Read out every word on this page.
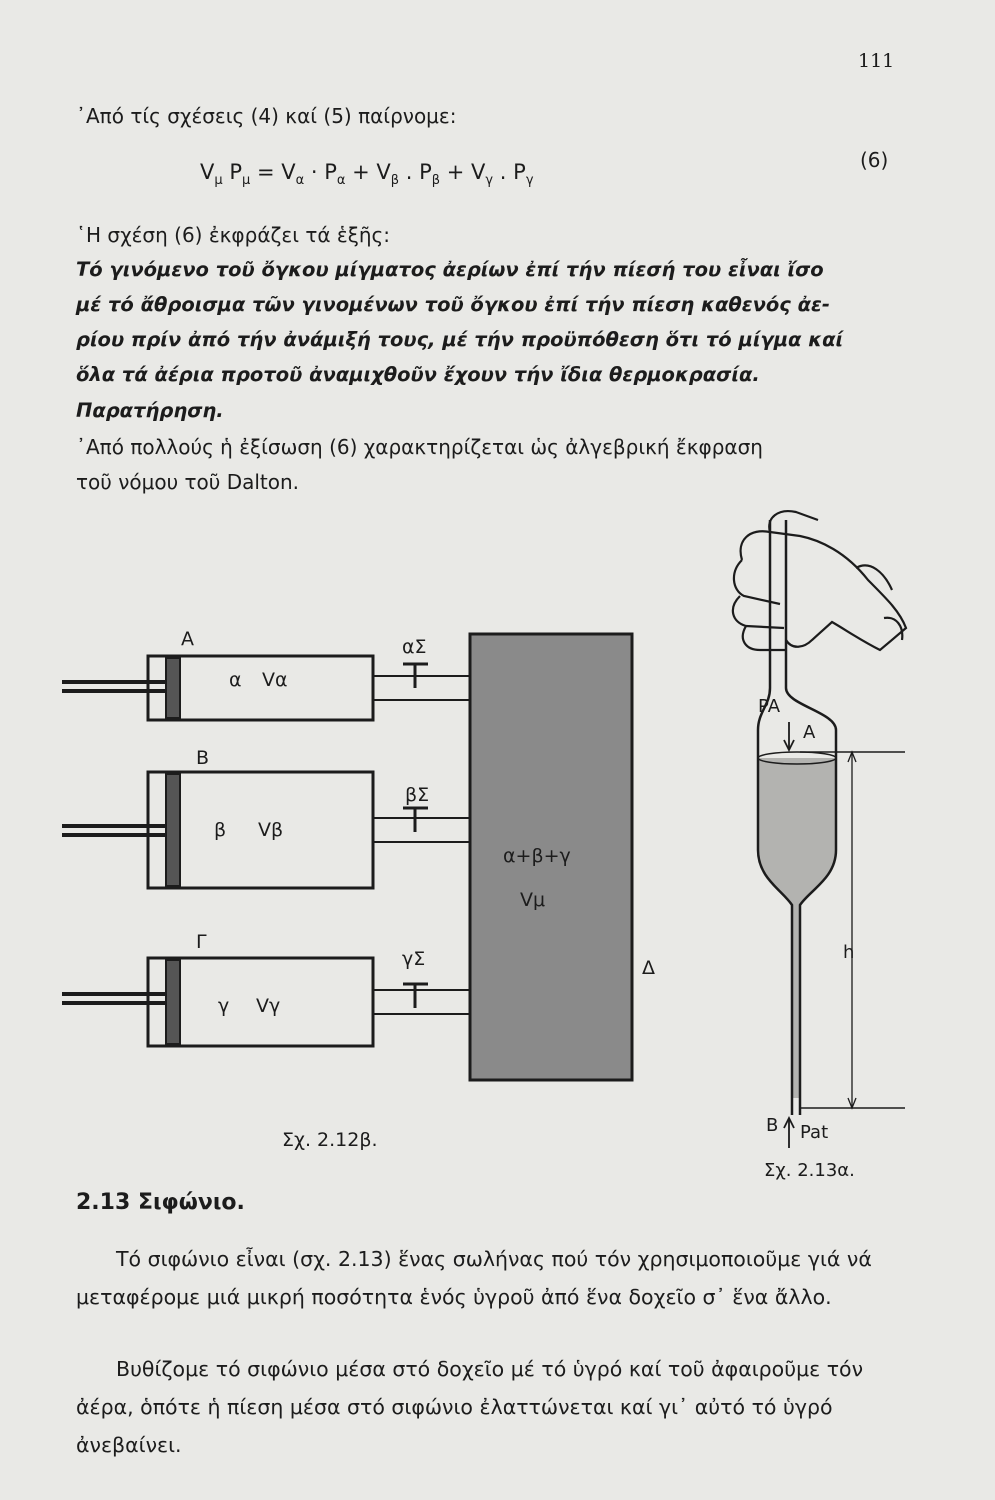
111
᾿Από τίς σχέσεις (4) καί (5) παίρνομε:
$V_\mu$ $P_\mu = V_\alpha \cdot P_\alpha + V_\beta$ . $P_\beta + V_\gamma$ . $P_\gamma$
(6)
῾Η σχέση (6) ἐκφράζει τά ἑξῆς:
Τό γινόμενο τοῦ ὄγκου μίγματος ἀερίων ἐπί τήν πίεσή του εἶναι ἴσο
μέ τό ἄθροισμα τῶν γινομένων τοῦ ὄγκου ἐπί τήν πίεση καθενός ἀε-
ρίου πρίν ἀπό τήν ἀνάμιξή τους, μέ τήν προϋπόθεση ὅτι τό μίγμα καί
ὅλα τά ἀέρια προτοῦ ἀναμιχθοῦν ἔχουν τήν ἴδια θερμοκρασία.
Παρατήρηση.
᾿Από πολλούς ἡ ἐξίσωση (6) χαρακτηρίζεται ὡς ἀλγεβρική ἔκφραση
τοῦ νόμου τοῦ Dalton.
Α
Β
Γ
α Vα
β Vβ
γ Vγ
αΣ
βΣ
γΣ
α+β+γ
Vμ
Δ
Σχ. 2.12β.
PA
A
h
B Pat
Σχ. 2.13α.
2.13 Σιφώνιο.
Τό σιφώνιο εἶναι (σχ. 2.13) ἕνας σωλήνας πού τόν χρησιμοποιοῦμε γιά νά μεταφέρομε μιά μικρή ποσότητα ἑνός ὑγροῦ ἀπό ἕνα δοχεῖο σ᾿ ἕνα ἄλλο.
Βυθίζομε τό σιφώνιο μέσα στό δοχεῖο μέ τό ὑγρό καί τοῦ ἀφαιροῦμε τόν ἀέρα, ὁπότε ἡ πίεση μέσα στό σιφώνιο ἐλαττώνεται καί γι᾿ αὐτό τό ὑγρό ἀνεβαίνει.
